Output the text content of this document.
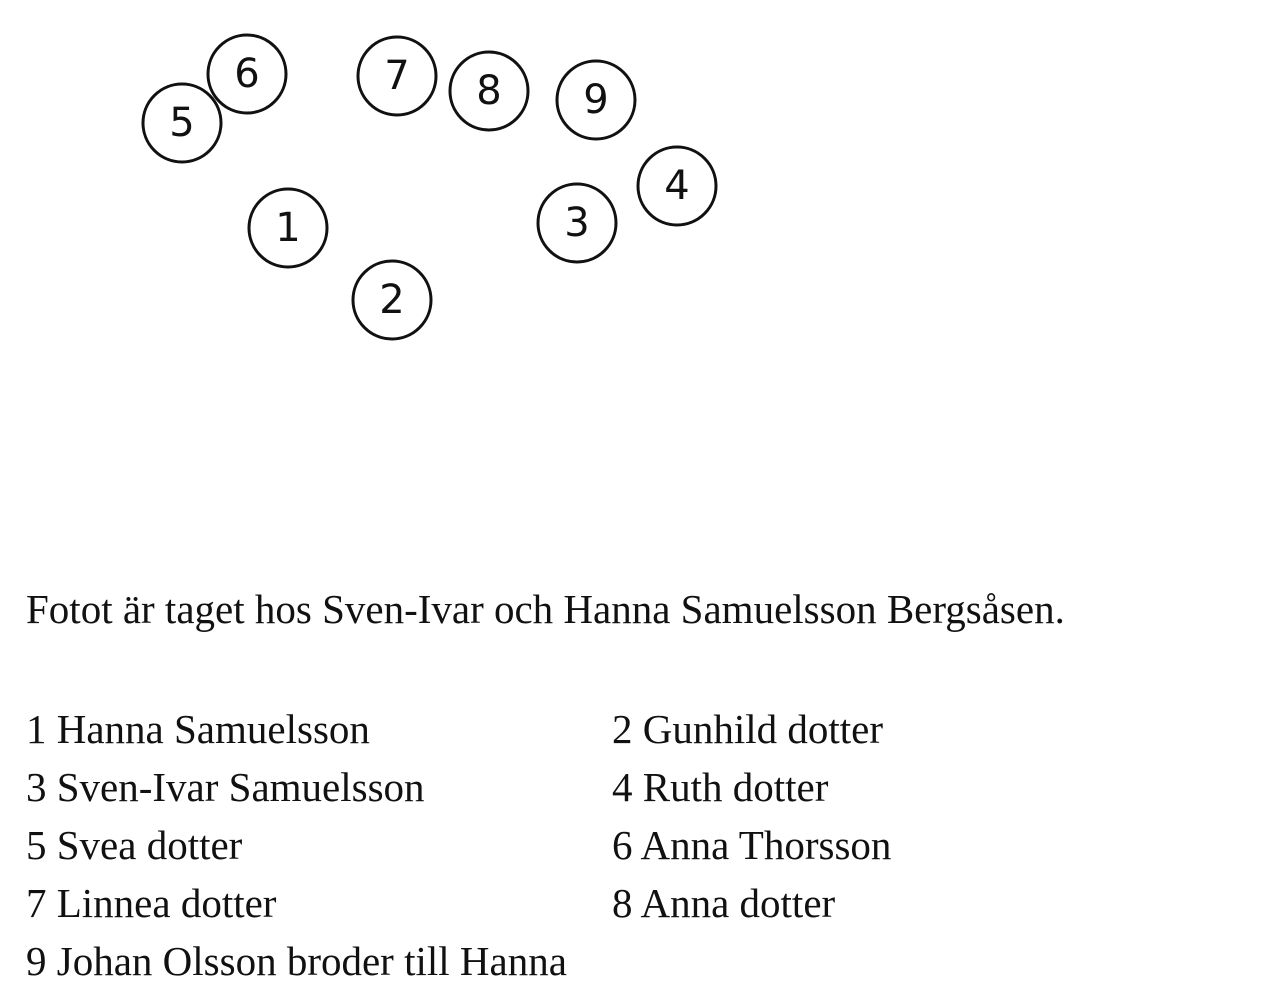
6
5
7 8 9
4
1	3
2
Fotot är taget hos Sven-Ivar och Hanna Samuelsson Bergsåsen.
1 Hanna Samuelsson	2 Gunhild dotter
3 Sven-Ivar Samuelsson	4 Ruth dotter
5 Svea dotter	6 Anna Thorsson
7 Linnea dotter	8 Anna dotter
9 Johan Olsson broder till Hanna
